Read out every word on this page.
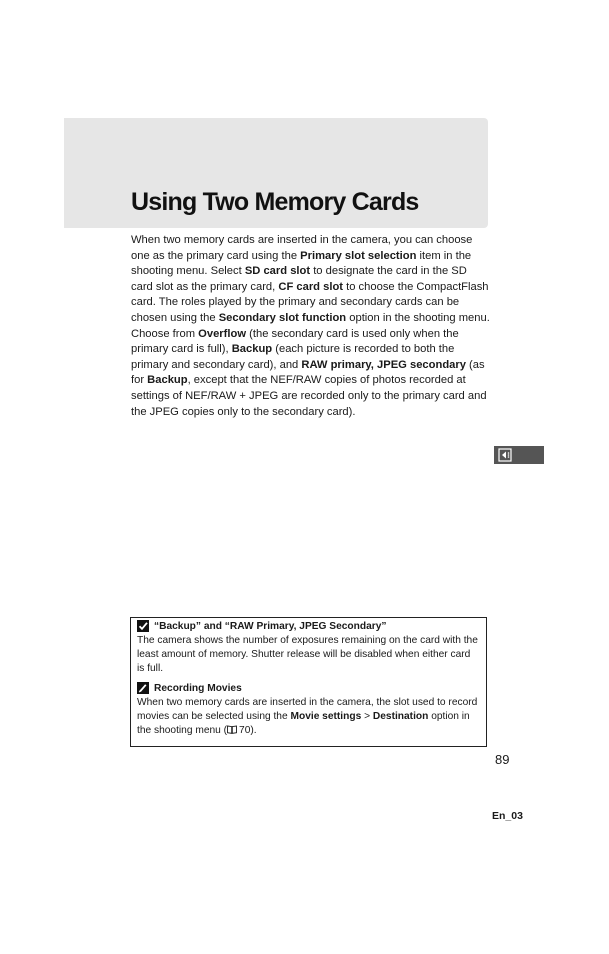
Using Two Memory Cards

When two memory cards are inserted in the camera, you can choose one as the primary card using the Primary slot selection item in the shooting menu. Select SD card slot to designate the card in the SD card slot as the primary card, CF card slot to choose the CompactFlash card. The roles played by the primary and secondary cards can be chosen using the Secondary slot function option in the shooting menu. Choose from Overflow (the secondary card is used only when the primary card is full), Backup (each picture is recorded to both the primary and secondary card), and RAW primary, JPEG secondary (as for Backup, except that the NEF/RAW copies of photos recorded at settings of NEF/RAW + JPEG are recorded only to the primary card and the JPEG copies only to the secondary card).

“Backup” and “RAW Primary, JPEG Secondary”

The camera shows the number of exposures remaining on the card with the least amount of memory. Shutter release will be disabled when either card is full.

Recording Movies

When two memory cards are inserted in the camera, the slot used to record movies can be selected using the Movie settings > Destination option in the shooting menu ( 70).

89
En_03
